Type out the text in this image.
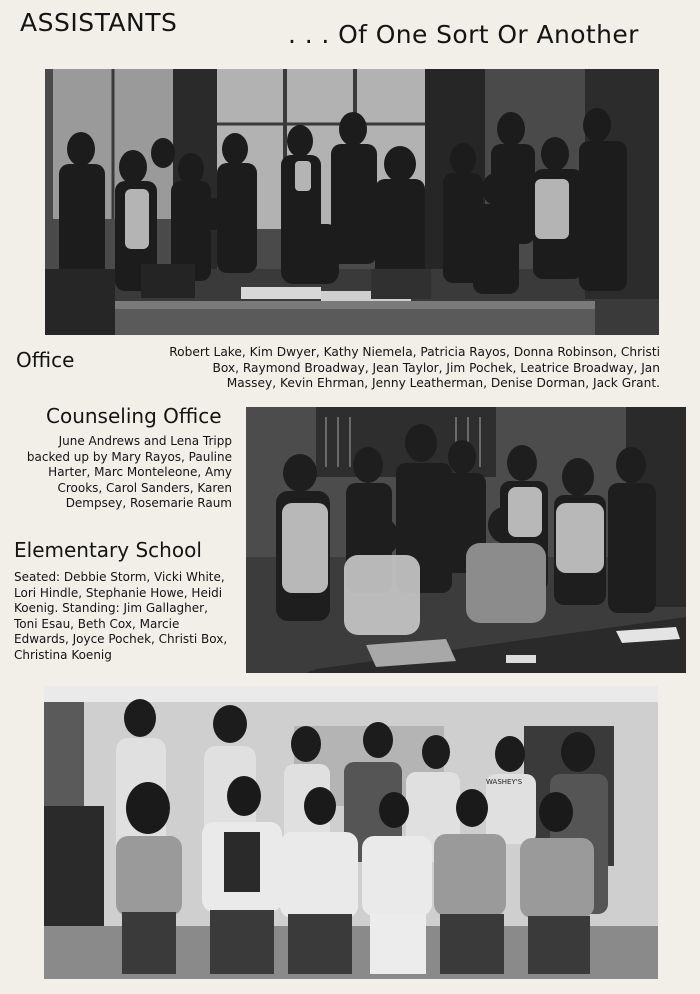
ASSISTANTS	. . . Of One Sort Or Another
Office	Robert Lake, Kim Dwyer, Kathy Niemela, Patricia Rayos, Donna Robinson, Christi Box, Raymond Broadway, Jean Taylor, Jim Pochek, Leatrice Broadway, Jan Massey, Kevin Ehrman, Jenny Leatherman, Denise Dorman, Jack Grant.
Counseling Office
June Andrews and Lena Tripp backed up by Mary Rayos, Pauline Harter, Marc Monteleone, Amy Crooks, Carol Sanders, Karen Dempsey, Rosemarie Raum
Elementary School
Seated: Debbie Storm, Vicki White, Lori Hindle, Stephanie Howe, Heidi Koenig. Standing: Jim Gallagher, Toni Esau, Beth Cox, Marcie Edwards, Joyce Pochek, Christi Box, Christina Koenig
WASHEY'S
